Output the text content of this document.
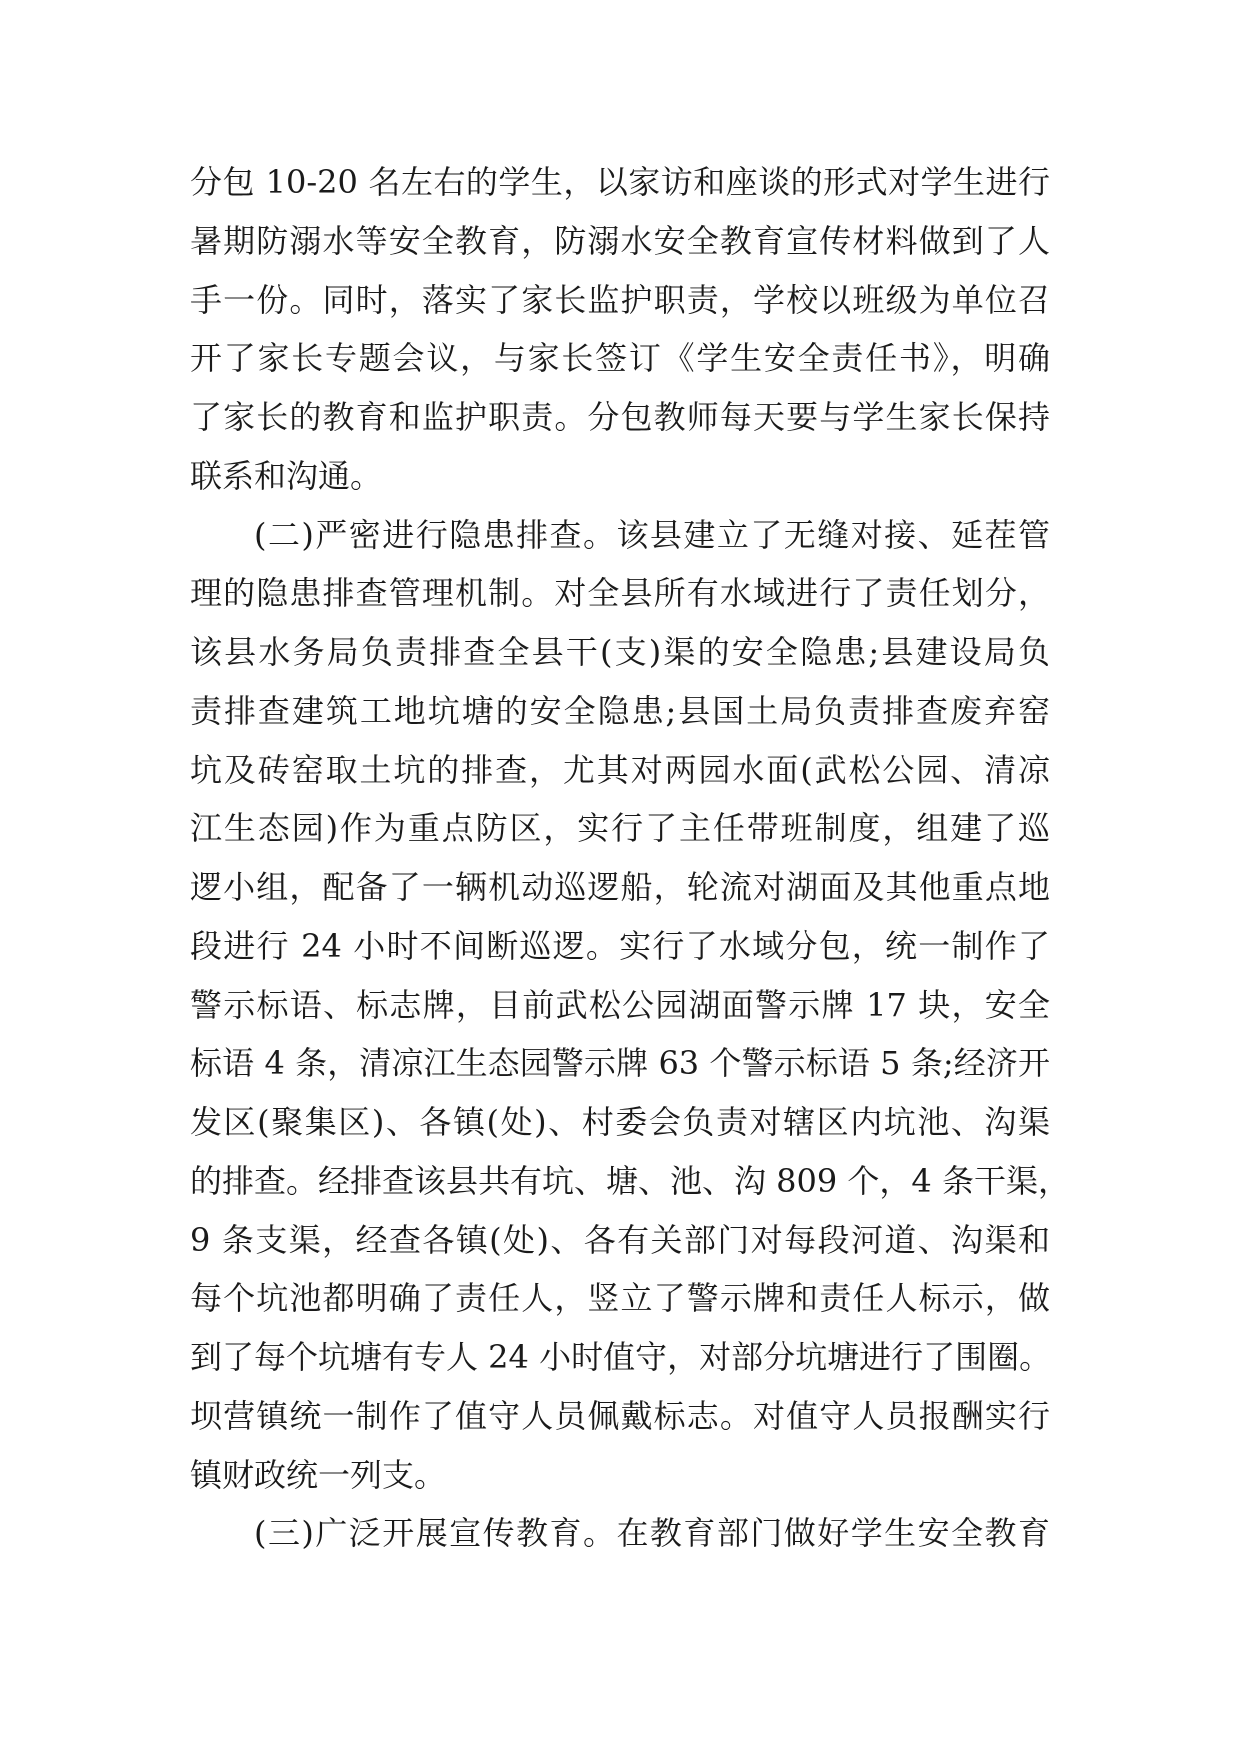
分包 10-20 名左右的学生，以家访和座谈的形式对学生进行
暑期防溺水等安全教育，防溺水安全教育宣传材料做到了人
手一份。同时，落实了家长监护职责，学校以班级为单位召
开了家长专题会议，与家长签订《学生安全责任书》，明确
了家长的教育和监护职责。分包教师每天要与学生家长保持
联系和沟通。
(二)严密进行隐患排查。该县建立了无缝对接、延茬管
理的隐患排查管理机制。对全县所有水域进行了责任划分，
该县水务局负责排查全县干(支)渠的安全隐患;县建设局负
责排查建筑工地坑塘的安全隐患;县国土局负责排查废弃窑
坑及砖窑取土坑的排查，尤其对两园水面(武松公园、清凉
江生态园)作为重点防区，实行了主任带班制度，组建了巡
逻小组，配备了一辆机动巡逻船，轮流对湖面及其他重点地
段进行 24 小时不间断巡逻。实行了水域分包，统一制作了
警示标语、标志牌，目前武松公园湖面警示牌 17 块，安全
标语 4 条，清凉江生态园警示牌 63 个警示标语 5 条;经济开
发区(聚集区)、各镇(处)、村委会负责对辖区内坑池、沟渠
的排查。经排查该县共有坑、塘、池、沟 809 个，4 条干渠，
9 条支渠，经查各镇(处)、各有关部门对每段河道、沟渠和
每个坑池都明确了责任人，竖立了警示牌和责任人标示，做
到了每个坑塘有专人 24 小时值守，对部分坑塘进行了围圈。
坝营镇统一制作了值守人员佩戴标志。对值守人员报酬实行
镇财政统一列支。
(三)广泛开展宣传教育。在教育部门做好学生安全教育
